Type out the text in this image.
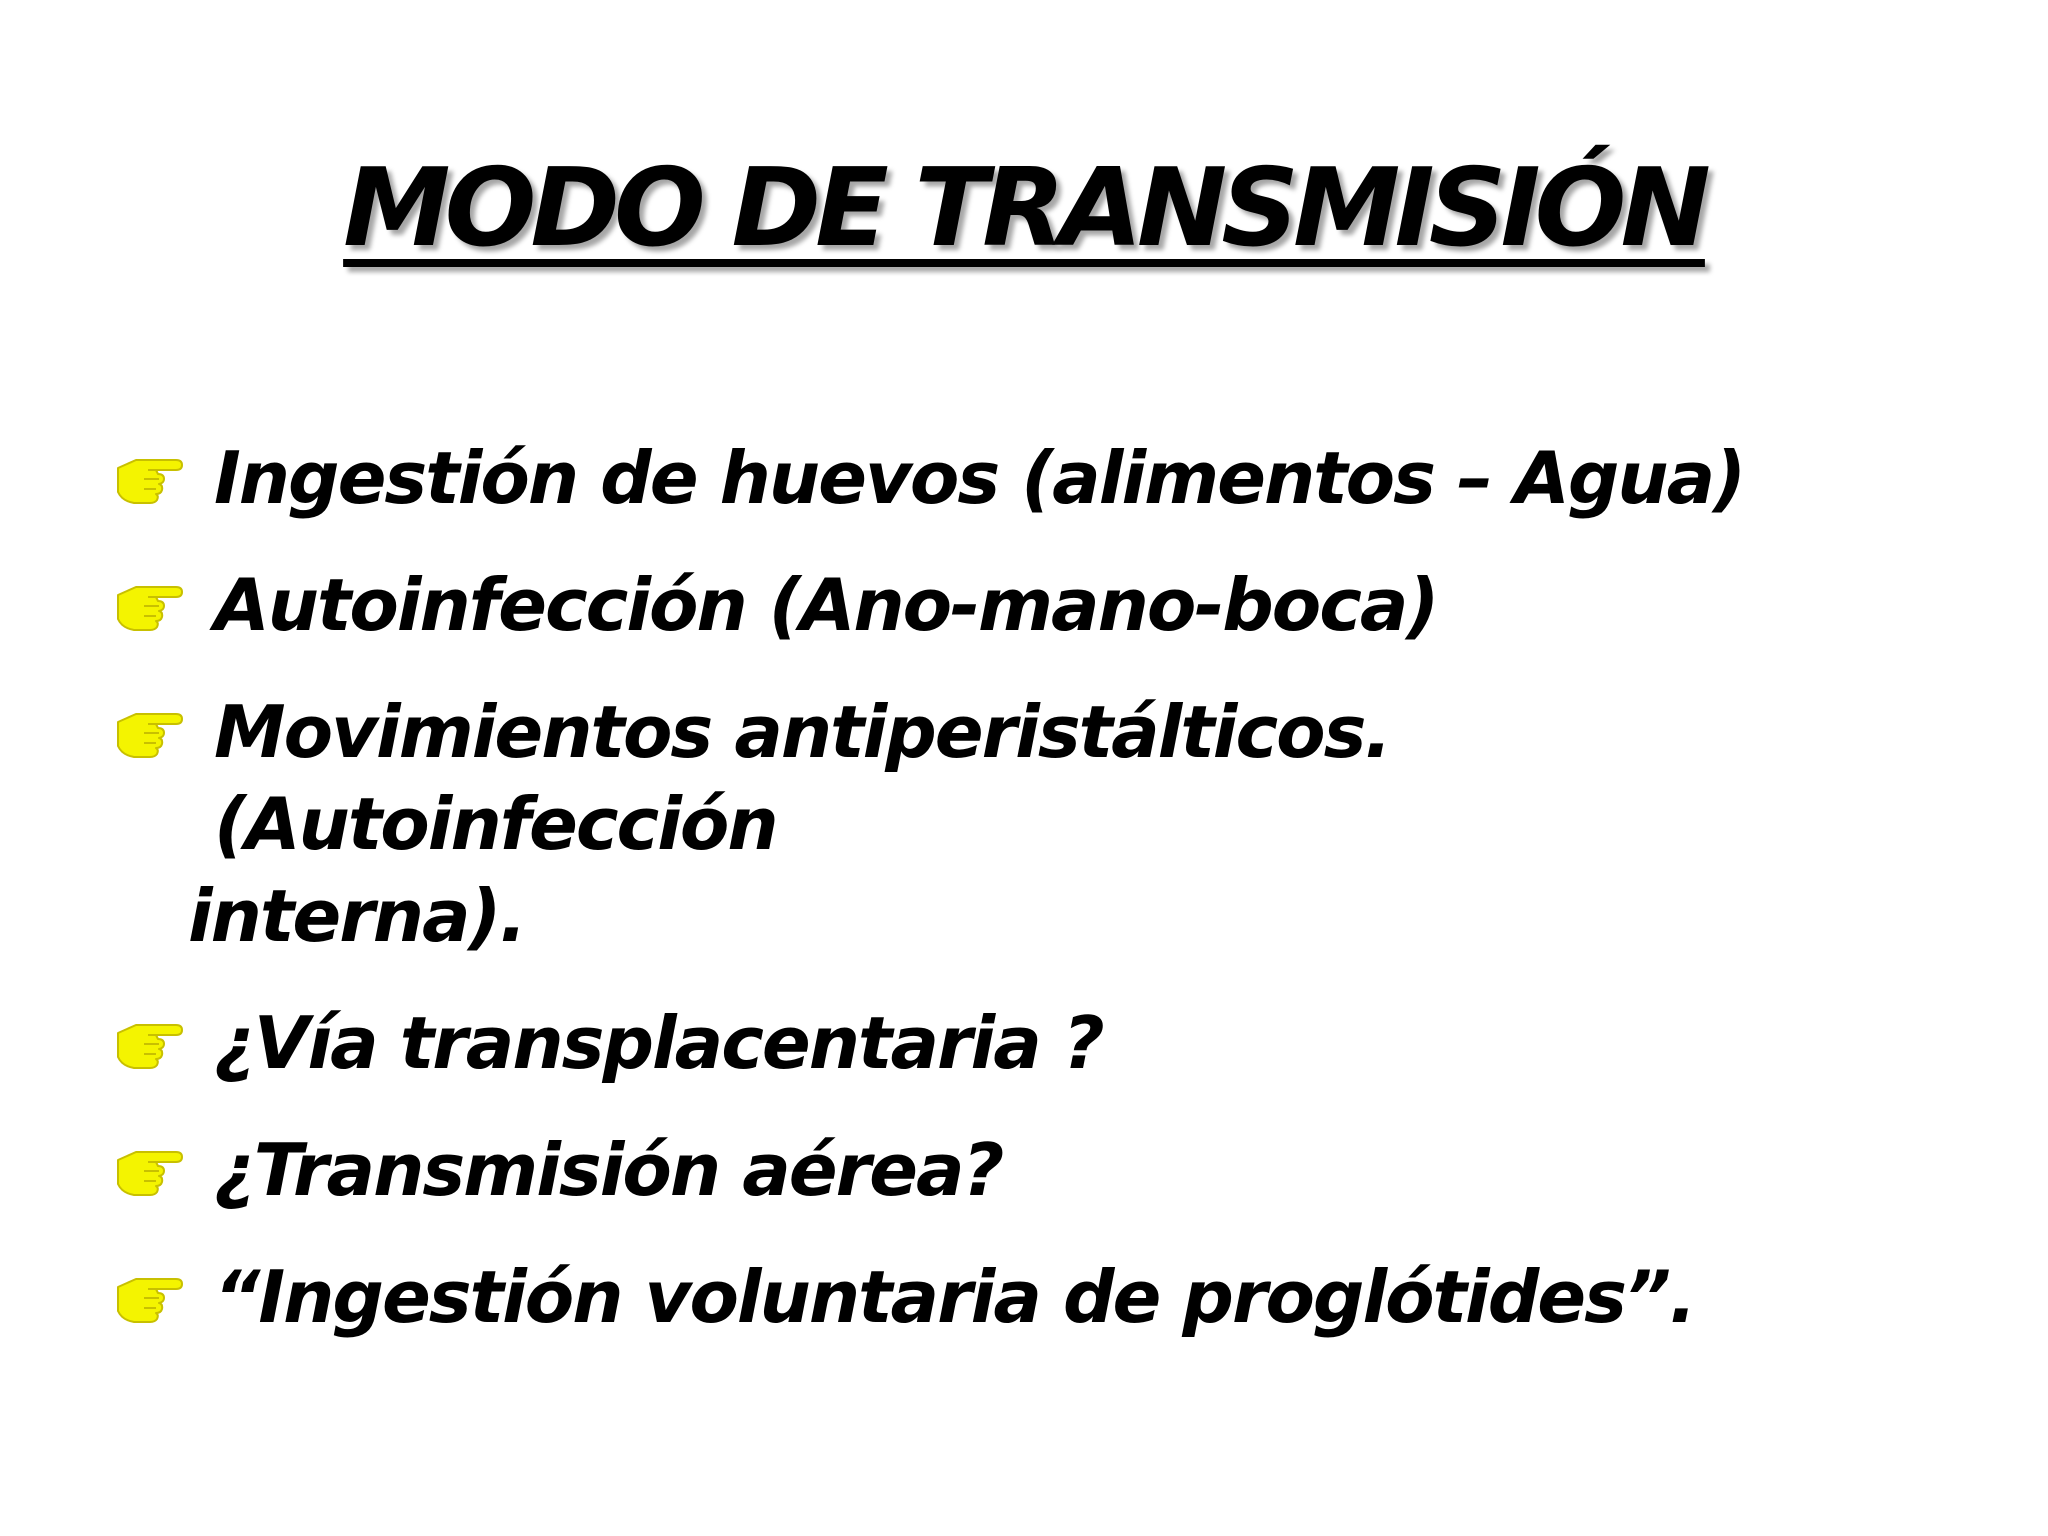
MODO DE TRANSMISIÓN
Ingestión de huevos (alimentos – Agua)
Autoinfección (Ano-mano-boca)
Movimientos antiperistálticos. (Autoinfección
interna).
¿Vía transplacentaria ?
¿Transmisión aérea?
“Ingestión voluntaria de proglótides”.
